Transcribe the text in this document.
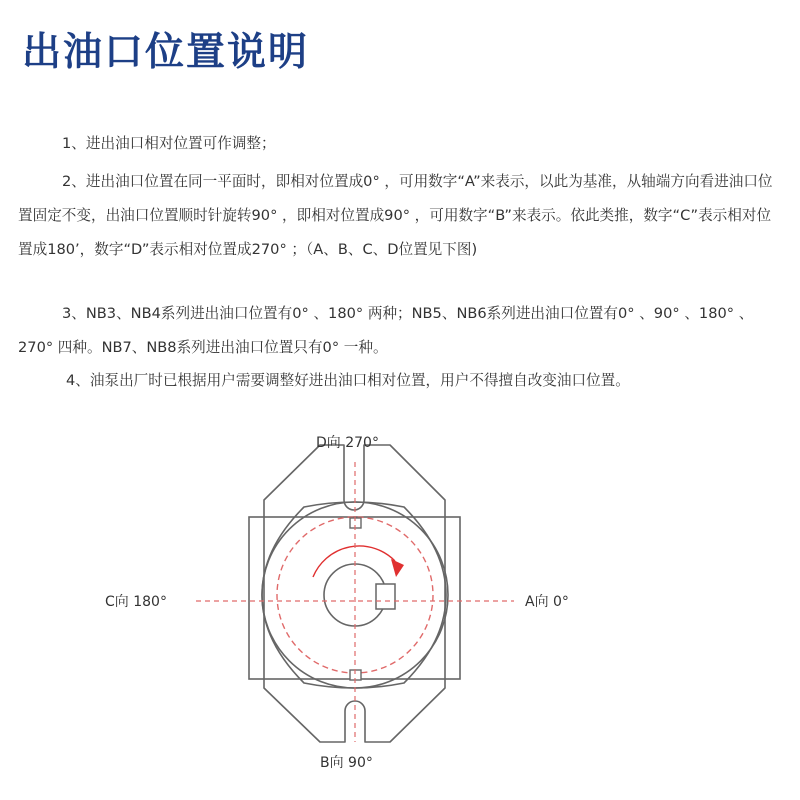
出油口位置说明

1、进出油口相对位置可作调整；

2、进出油口位置在同一平面时，即相对位置成0° ，可用数字“A”来表示，以此为基准，从轴端方向看进油口位置固定不变，出油口位置顺时针旋转90° ，即相对位置成90° ，可用数字“B”来表示。依此类推，数字“C”表示相对位置成180’，数字“D”表示相对位置成270° ；（A、B、C、D位置见下图)

3、NB3、NB4系列进出油口位置有0° 、180° 两种；NB5、NB6系列进出油口位置有0° 、90° 、180° 、270° 四种。NB7、NB8系列进出油口位置只有0° 一种。

4、油泵出厂时已根据用户需要调整好进出油口相对位置，用户不得擅自改变油口位置。

D向 270°
C向 180°	A向 0°
B向 90°
